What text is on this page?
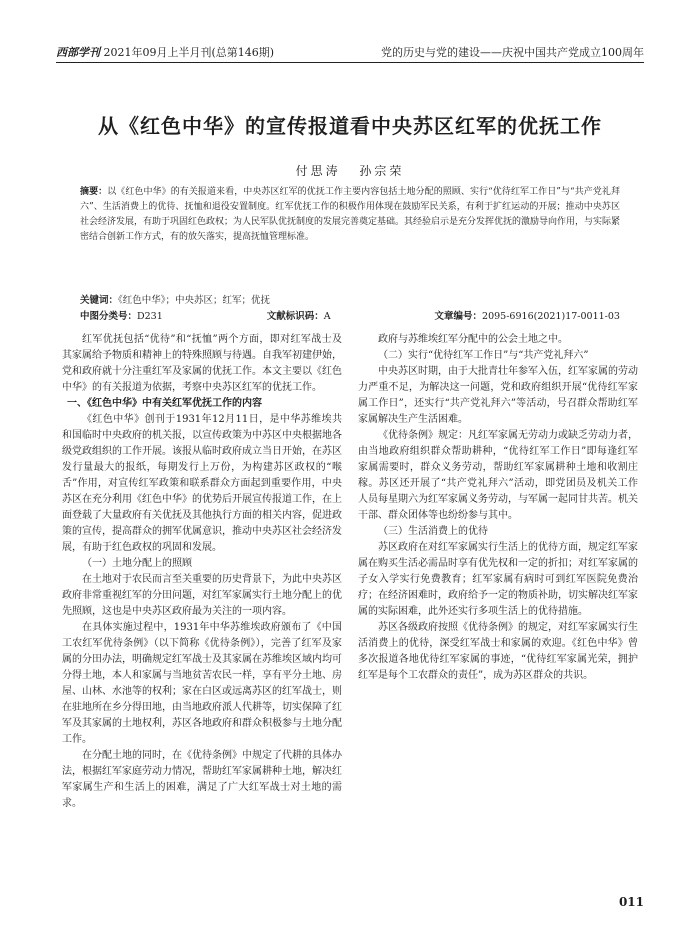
西部学刊 2021年09月上半月刊(总第146期)	党的历史与党的建设——庆祝中国共产党成立100周年
从《红色中华》的宣传报道看中央苏区红军的优抚工作
付思涛 孙宗荣

摘要：以《红色中华》的有关报道来看，中央苏区红军的优抚工作主要内容包括土地分配的照顾、实行“优待红军工作日”与“共产党礼拜六”、生活消费上的优待、抚恤和退役安置制度。红军优抚工作的积极作用体现在鼓励军民关系，有利于扩红运动的开展；推动中央苏区社会经济发展，有助于巩固红色政权；为人民军队优抚制度的发展完善奠定基础。其经验启示是充分发挥优抚的激励导向作用，与实际紧密结合创新工作方式，有的放矢落实，提高抚恤管理标准。

关键词：《红色中华》；中央苏区；红军；优抚
中图分类号：D231	文献标识码：A	文章编号：2095-6916(2021)17-0011-03

红军优抚包括“优待”和“抚恤”两个方面，即对红军战士及其家属给予物质和精神上的特殊照顾与待遇。自我军初建伊始，党和政府就十分注重红军及家属的优抚工作。本文主要以《红色中华》的有关报道为依据，考察中央苏区红军的优抚工作。

一、《红色中华》中有关红军优抚工作的内容

《红色中华》创刊于1931年12月11日，是中华苏维埃共和国临时中央政府的机关报，以宣传政策为中苏区中央根据地各级党政组织的工作开展。该报从临时政府成立当日开始，在苏区发行量最大的报纸，每期发行上万份，为构建苏区政权的“喉舌”作用，对宣传红军政策和联系群众方面起到重要作用，中央苏区在充分利用《红色中华》的优势后开展宣传报道工作，在上面登载了大量政府有关优抚及其他执行方面的相关内容，促进政策的宣传，提高群众的拥军优属意识，推动中央苏区社会经济发展，有助于红色政权的巩固和发展。

（一）土地分配上的照顾

在土地对于农民而言至关重要的历史背景下，为此中央苏区政府非常重视红军的分田问题，对红军家属实行土地分配上的优先照顾，这也是中央苏区政府最为关注的一项内容。

在具体实施过程中，1931年中华苏维埃政府颁布了《中国工农红军优待条例》（以下简称《优待条例》），完善了红军及家属的分田办法，明确规定红军战士及其家属在苏维埃区域内均可分得土地，本人和家属与当地贫苦农民一样，享有平分土地、房屋、山林、水池等的权利；家在白区或远离苏区的红军战士，则在驻地所在乡分得田地，由当地政府派人代耕等，切实保障了红军及其家属的土地权利，苏区各地政府和群众积极参与土地分配工作。

在分配土地的同时，在《优待条例》中规定了代耕的具体办法，根据红军家庭劳动力情况，帮助红军家属耕种土地，解决红军家属生产和生活上的困难，满足了广大红军战士对土地的需求。

政府与苏维埃红军分配中的公会土地之中。

（二）实行“优待红军工作日”与“共产党礼拜六”

中央苏区时期，由于大批青壮年参军入伍，红军家属的劳动力严重不足，为解决这一问题，党和政府组织开展“优待红军家属工作日”，还实行“共产党礼拜六”等活动，号召群众帮助红军家属解决生产生活困难。

《优待条例》规定：凡红军家属无劳动力或缺乏劳动力者，由当地政府组织群众帮助耕种，“优待红军工作日”即每逢红军家属需要时，群众义务劳动，帮助红军家属耕种土地和收割庄稼。苏区还开展了“共产党礼拜六”活动，即党团员及机关工作人员每星期六为红军家属义务劳动，与军属一起同甘共苦。机关干部、群众团体等也纷纷参与其中。

（三）生活消费上的优待

苏区政府在对红军家属实行生活上的优待方面，规定红军家属在购买生活必需品时享有优先权和一定的折扣；对红军家属的子女入学实行免费教育；红军家属有病时可到红军医院免费治疗；在经济困难时，政府给予一定的物质补助，切实解决红军家属的实际困难，此外还实行多项生活上的优待措施。

苏区各级政府按照《优待条例》的规定，对红军家属实行生活消费上的优待，深受红军战士和家属的欢迎。《红色中华》曾多次报道各地优待红军家属的事迹，“优待红军家属光荣，拥护红军是每个工农群众的责任”，成为苏区群众的共识。

011
